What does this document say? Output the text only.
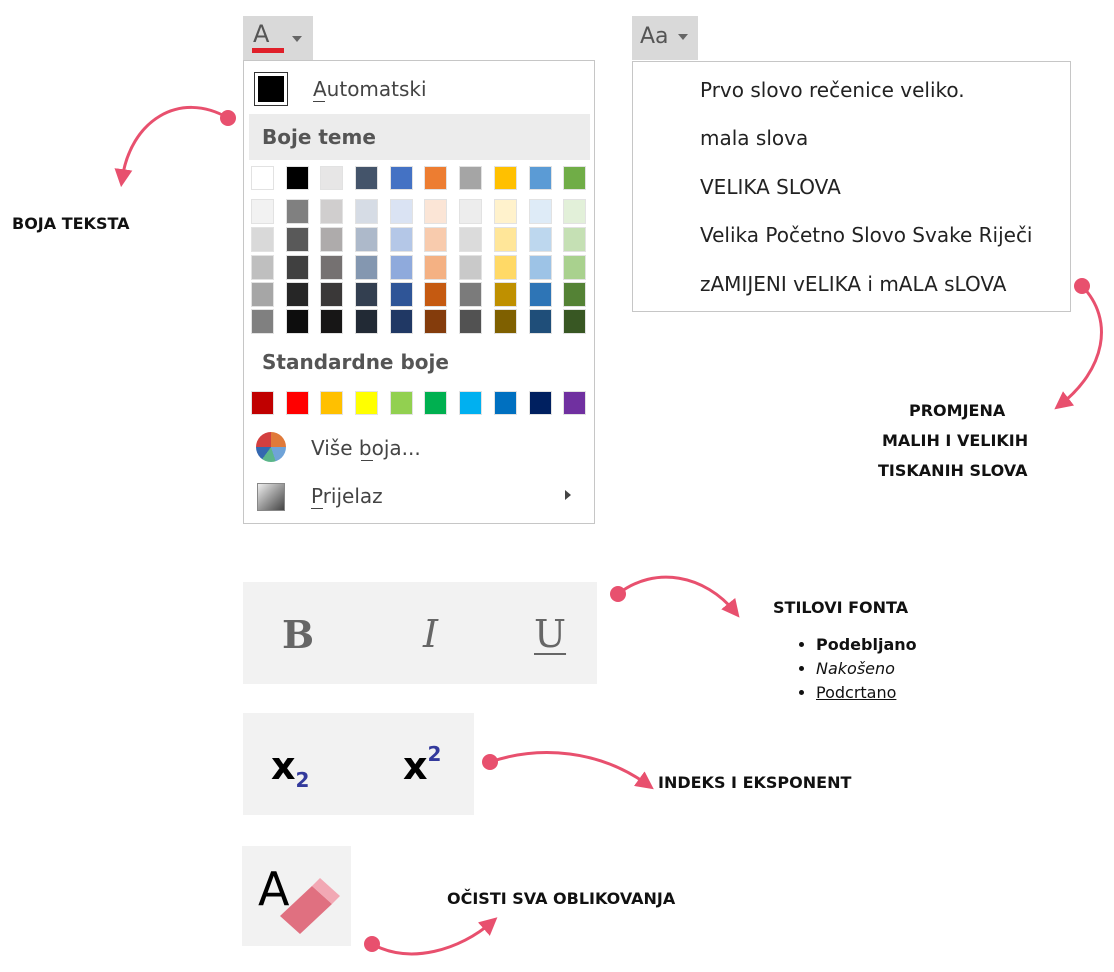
A
Automatski
Boje teme
Standardne boje
Više boja...
Prijelaz
Aa
Prvo slovo rečenice veliko.
mala slova
VELIKA SLOVA
Velika Početno Slovo Svake Riječi
zAMIJENI vELIKA i mALA sLOVA
BOJA TEKSTA
PROMJENA
MALIH I VELIKIH
TISKANIH SLOVA
STILOVI FONTA
INDEKS I EKSPONENT
OČISTI SVA OBLIKOVANJA
B	I	U
•	Podebljano
• Nakošeno
• Podcrtano
$x_2$ $x^2$
A
